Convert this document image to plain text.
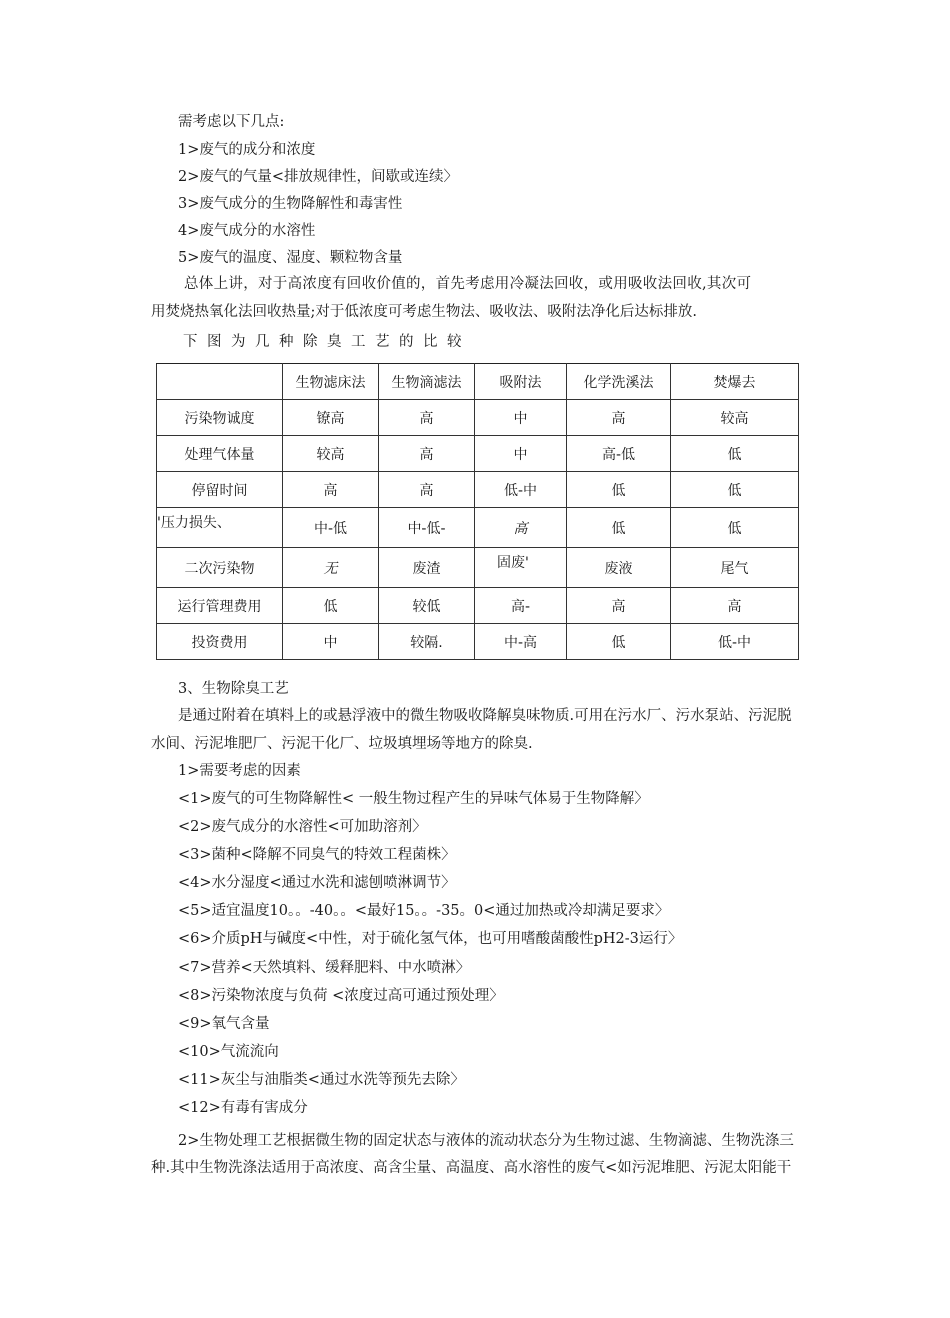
需考虑以下几点:
1>废气的成分和浓度
2>废气的气量<排放规律性，间歇或连续〉
3>废气成分的生物降解性和毒害性
4>废气成分的水溶性
5>废气的温度、湿度、颗粒物含量
总体上讲，对于高浓度有回收价值的，首先考虑用冷凝法回收，或用吸收法回收,其次可
用焚烧热氧化法回收热量;对于低浓度可考虑生物法、吸收法、吸附法净化后达标排放.
下图为几种除臭工艺的比较
	生物滤床法	生物滴滤法	吸附法	化学洗溪法	焚爆去
污染物诚度	镣高	高	中	高	较高
处理气体量	较高	高	中	高-低	低
停留时间	高	高	低-中	低	低
'压力损失、	中-低	中-低-	高	低	低
二次污染物	无	废渣	固废'	废液	尾气
运行管理费用	低	较低	高-	高	高
投资费用	中	较隔.	中-高	低	低-中
3、生物除臭工艺
是通过附着在填料上的或悬浮液中的微生物吸收降解臭味物质.可用在污水厂、污水泵站、污泥脱
水间、污泥堆肥厂、污泥干化厂、垃圾填埋场等地方的除臭.
1>需要考虑的因素
<1>废气的可生物降解性< 一般生物过程产生的异味气体易于生物降解〉
<2>废气成分的水溶性<可加助溶剂〉
<3>菌种<降解不同臭气的特效工程菌株〉
<4>水分湿度<通过水洗和滤刨喷淋调节〉
<5>适宜温度10。。-40。。<最好15。。-35。0<通过加热或冷却满足要求〉
<6>介质pH与碱度<中性，对于硫化氢气体，也可用嗜酸菌酸性pH2-3运行〉
<7>营养<天然填料、缓释肥料、中水喷淋〉
<8>污染物浓度与负荷 <浓度过高可通过预处理〉
<9>氧气含量
<10>气流流向
<11>灰尘与油脂类<通过水洗等预先去除〉
<12>有毒有害成分
2>生物处理工艺根据微生物的固定状态与液体的流动状态分为生物过滤、生物滴滤、生物洗涤三
种.其中生物洗涤法适用于高浓度、高含尘量、高温度、高水溶性的废气<如污泥堆肥、污泥太阳能干
